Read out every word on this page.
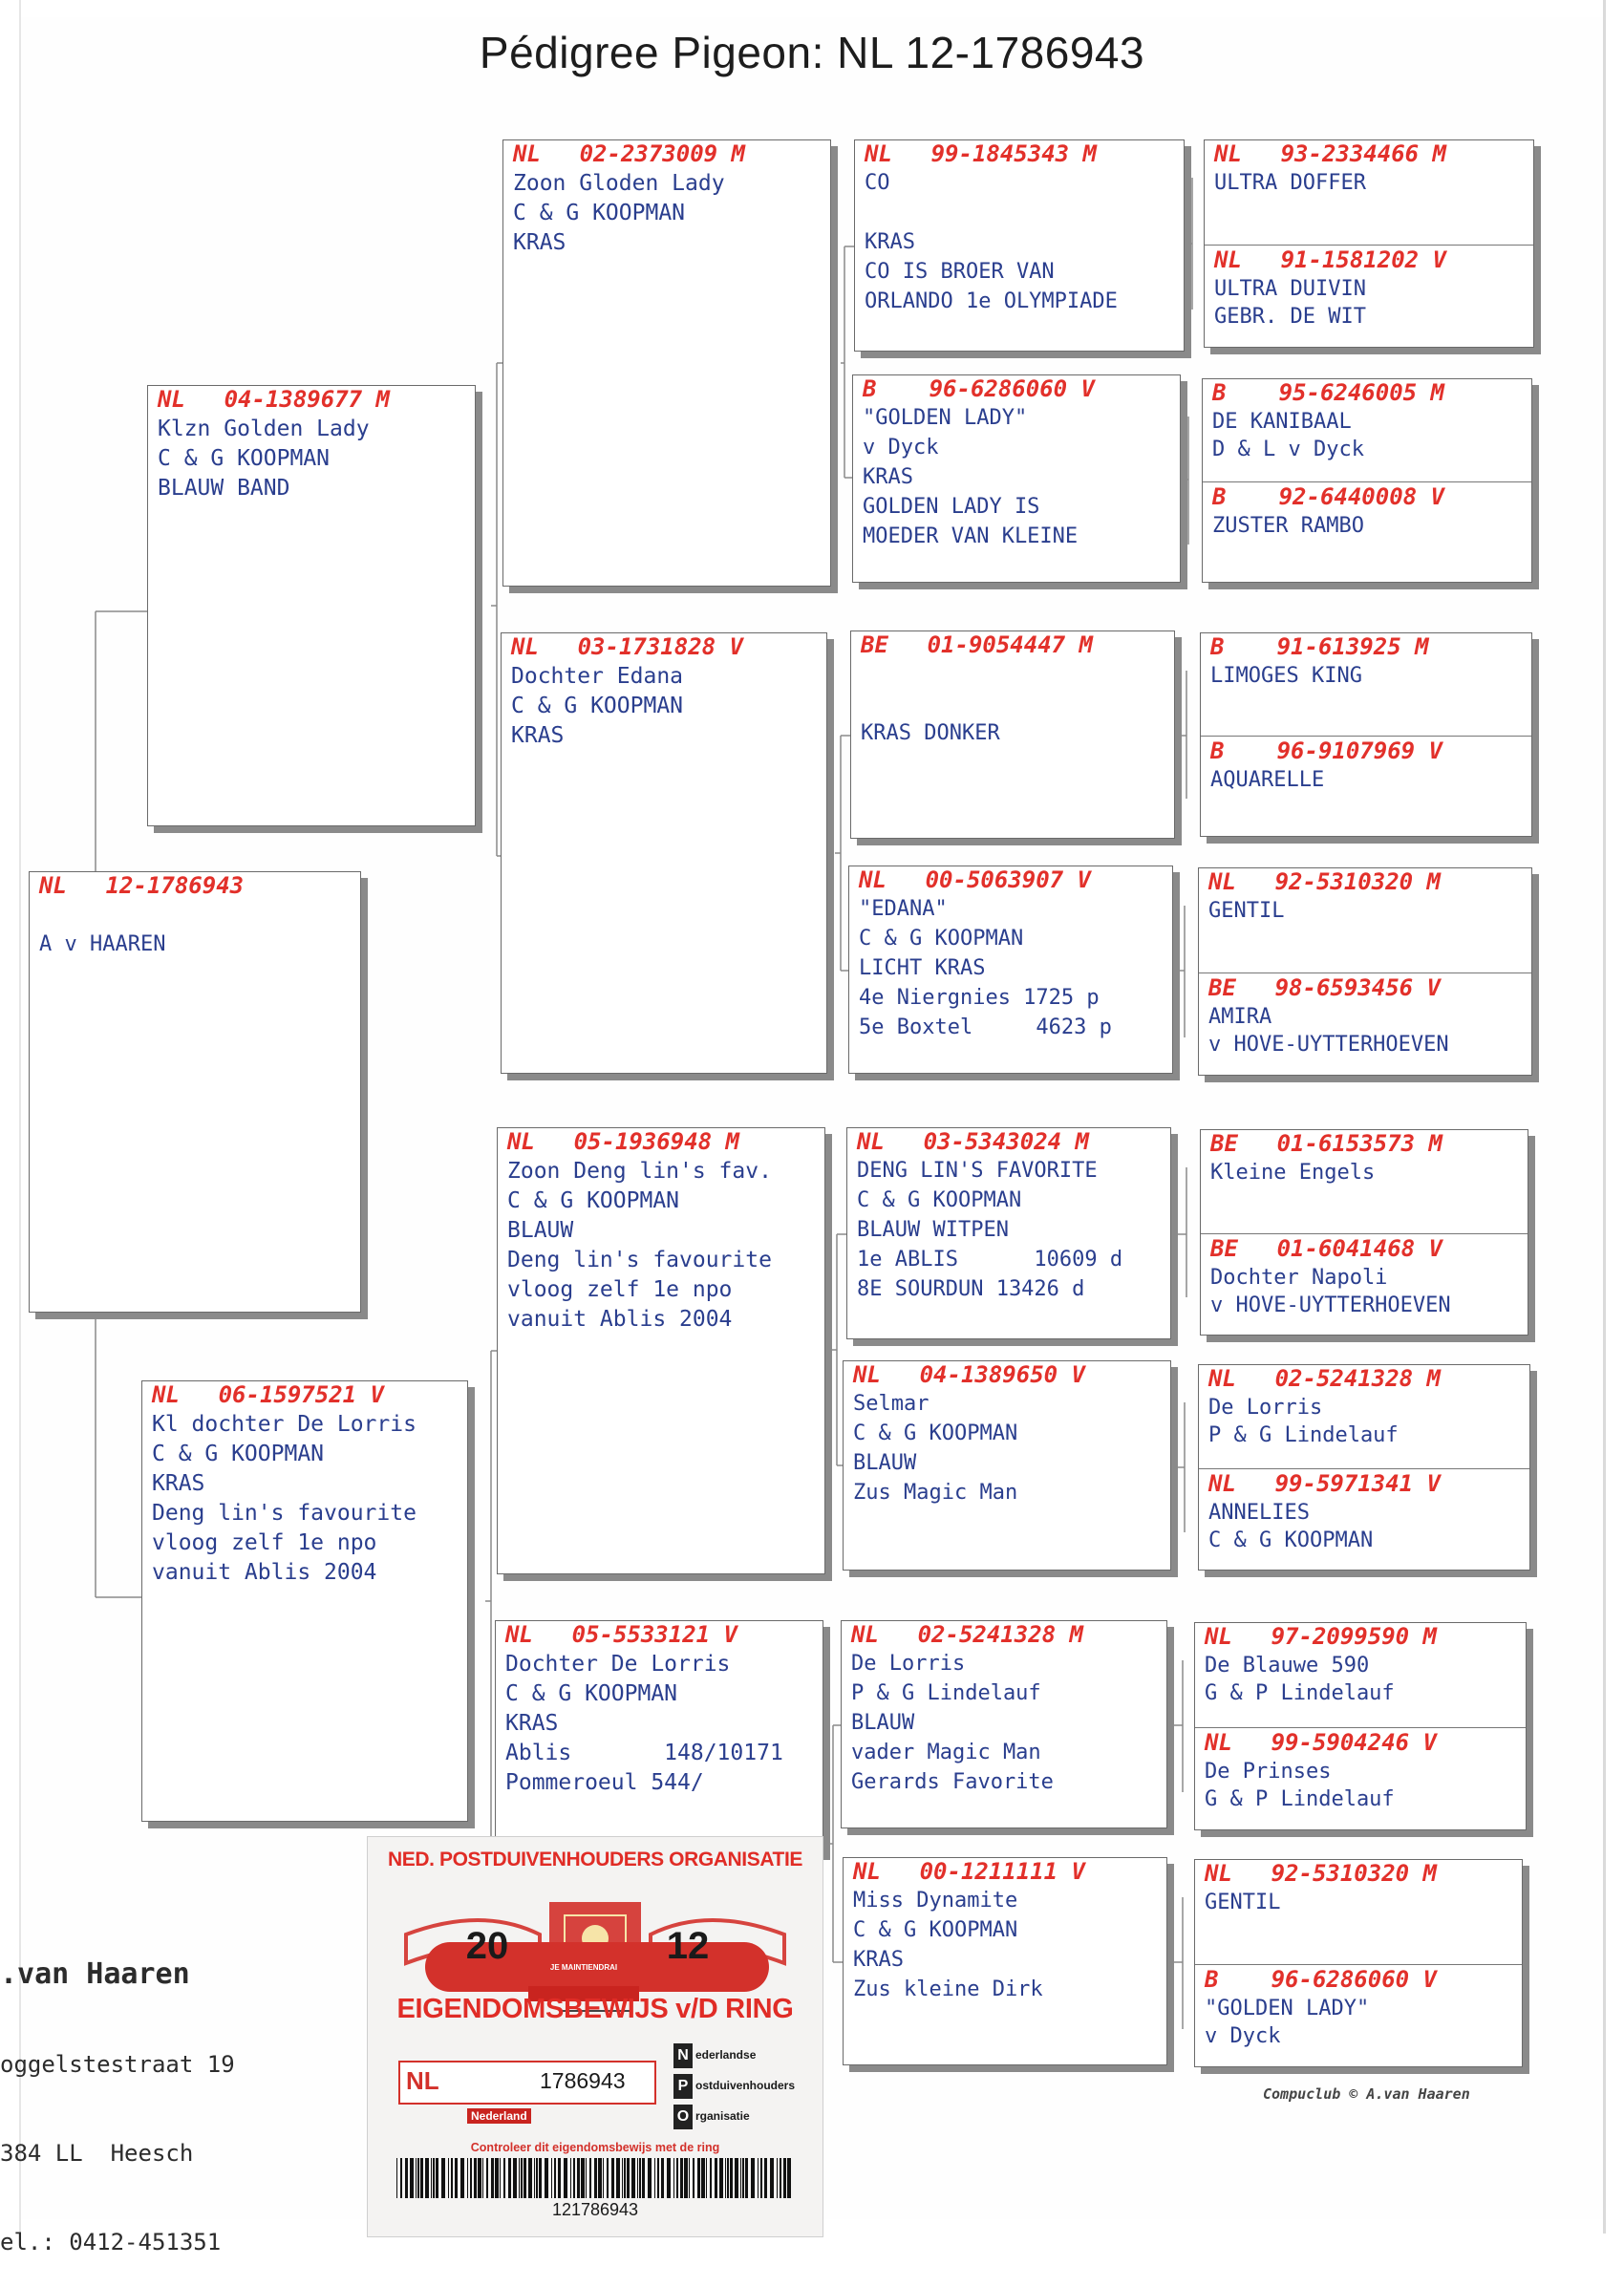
Pédigree Pigeon: NL 12-1786943
NL 12-1786943
A v HAAREN
NL 04-1389677 M
Klzn Golden Lady
C & G KOOPMAN
BLAUW BAND
NL 06-1597521 V
Kl dochter De Lorris
C & G KOOPMAN
KRAS
Deng lin's favourite
vloog zelf 1e npo
vanuit Ablis 2004
NL 02-2373009 M
Zoon Gloden Lady
C & G KOOPMAN
KRAS
NL 03-1731828 V
Dochter Edana
C & G KOOPMAN
KRAS
NL 05-1936948 M
Zoon Deng lin's fav.
C & G KOOPMAN
BLAUW
Deng lin's favourite
vloog zelf 1e npo
vanuit Ablis 2004
NL 05-5533121 V
Dochter De Lorris
C & G KOOPMAN
KRAS
Ablis       148/10171
Pommeroeul 544/
NL 99-1845343 M
CO
KRAS
CO IS BROER VAN
ORLANDO 1e OLYMPIADE
B 96-6286060 V
"GOLDEN LADY"
v Dyck
KRAS
GOLDEN LADY IS
MOEDER VAN KLEINE
BE 01-9054447 M
KRAS DONKER
NL 00-5063907 V
"EDANA"
C & G KOOPMAN
LICHT KRAS
4e Niergnies 1725 p
5e Boxtel     4623 p
NL 03-5343024 M
DENG LIN'S FAVORITE
C & G KOOPMAN
BLAUW WITPEN
1e ABLIS      10609 d
8E SOURDUN 13426 d
NL 04-1389650 V
Selmar
C & G KOOPMAN
BLAUW
Zus Magic Man
NL 02-5241328 M
De Lorris
P & G Lindelauf
BLAUW
vader Magic Man
Gerards Favorite
NL 00-1211111 V
Miss Dynamite
C & G KOOPMAN
KRAS
Zus kleine Dirk
NL 93-2334466 M
ULTRA DOFFER
NL 91-1581202 V
ULTRA DUIVIN
GEBR. DE WIT
B 95-6246005 M
DE KANIBAAL
D & L v Dyck
B 92-6440008 V
ZUSTER RAMBO
B 91-613925 M
LIMOGES KING
B 96-9107969 V
AQUARELLE
NL 92-5310320 M
GENTIL
BE 98-6593456 V
AMIRA
v HOVE-UYTTERHOEVEN
BE 01-6153573 M
Kleine Engels
BE 01-6041468 V
Dochter Napoli
v HOVE-UYTTERHOEVEN
NL 02-5241328 M
De Lorris
P & G Lindelauf
NL 99-5971341 V
ANNELIES
C & G KOOPMAN
NL 97-2099590 M
De Blauwe 590
G & P Lindelauf
NL 99-5904246 V
De Prinses
G & P Lindelauf
NL 92-5310320 M
GENTIL
B 96-6286060 V
"GOLDEN LADY"
v Dyck
Compuclub © A.van Haaren

.van Haaren

oggelstestraat 19

384 LL  Heesch

el.: 0412-451351

20	12
JE MAINTIENDRAI
NED. POSTDUIVENHOUDERS ORGANISATIE
EIGENDOMSBEWIJS v/D RING
NL	1786943
N ederlandse
P ostduivenhouders
O rganisatie
Nederland
Controleer dit eigendomsbewijs met de ring
121786943
